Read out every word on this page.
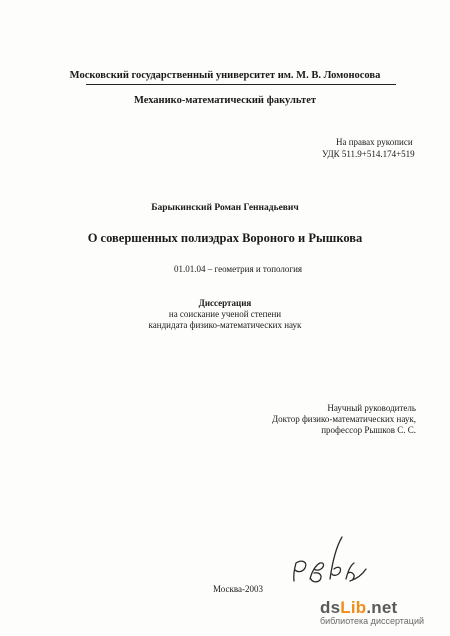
Московский государственный университет им. М. В. Ломоносова
Механико-математический факультет
На правах рукописи
УДК 511.9+514.174+519
Барыкинский Роман Геннадьевич
О совершенных полиэдрах Вороного и Рышкова
01.01.04 – геометрия и топология
Диссертация
на соискание ученой степени
кандидата физико-математических наук
Научный руководитель
Доктор физико-математических наук,
профессор Рышков С. С.
Москва-2003
dsLib.net
библиотека диссертаций
